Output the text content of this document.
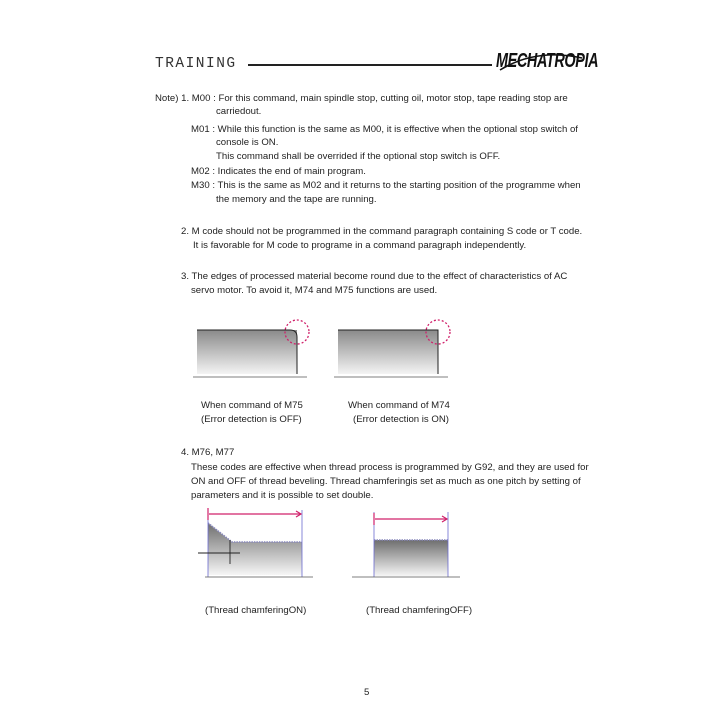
TRAINING	MECHATROPIA
Note) 1. M00 : For this command, main spindle stop, cutting oil, motor stop, tape reading stop are
carriedout.
M01 : While this function is the same as M00, it is effective when the optional stop switch of
console is ON.
This command shall be overrided if the optional stop switch is OFF.
M02 : Indicates the end of main program.
M30 : This is the same as M02 and it returns to the starting position of the programme when
the memory and the tape are running.
2. M code should not be programmed in the command paragraph containing S code or T code.
It is favorable for M code to programe in a command paragraph independently.
3. The edges of processed material become round due to the effect of characteristics of AC
servo motor. To avoid it, M74 and M75 functions are used.
When command of M75
(Error detection is OFF)
When command of M74
(Error detection is ON)
4. M76, M77
These codes are effective when thread process is programmed by G92, and they are used for
ON and OFF of thread beveling. Thread chamferingis set as much as one pitch by setting of
parameters and it is possible to set double.
(Thread chamferingON)	(Thread chamferingOFF)
5
